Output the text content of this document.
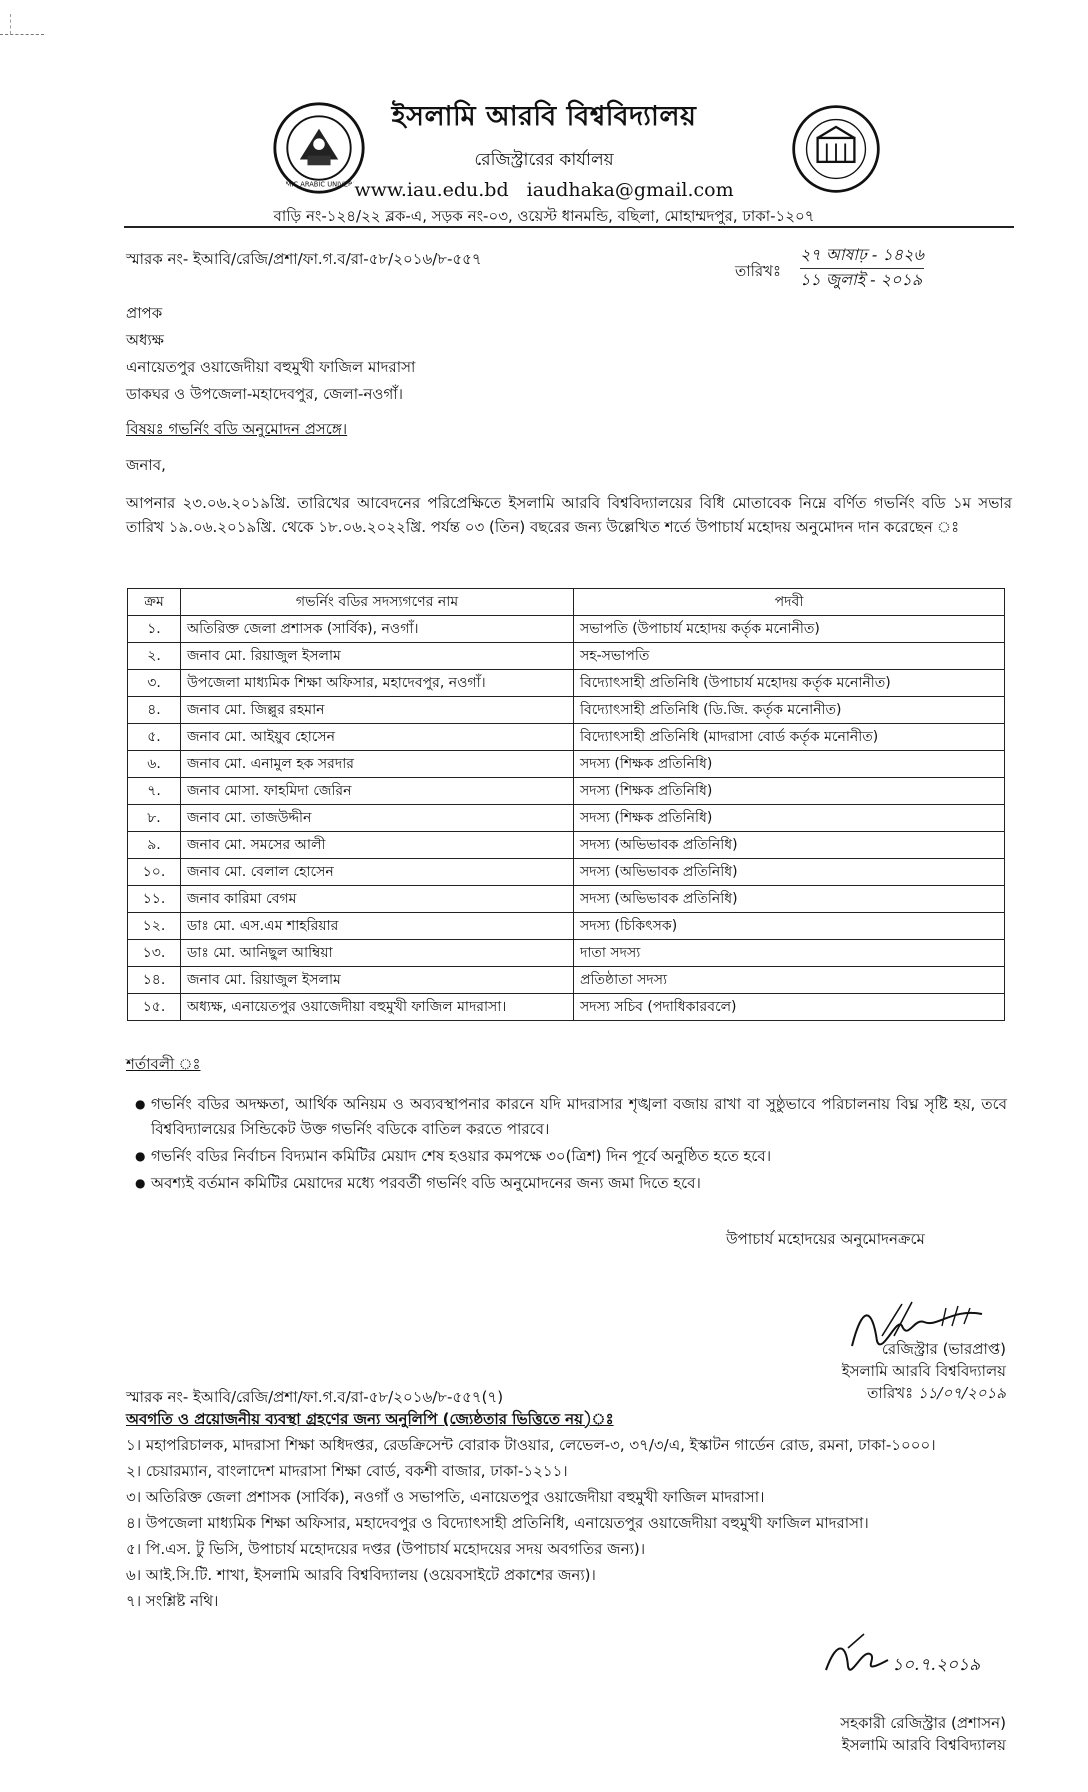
ISLAMIC ARABIC UNIVERSITY
ইসলামি আরবি বিশ্ববিদ্যালয়
রেজিস্ট্রারের কার্যালয়
www.iau.edu.bd iaudhaka@gmail.com
বাড়ি নং-১২৪/২২ ব্লক-এ, সড়ক নং-০৩, ওয়েস্ট ধানমন্ডি, বছিলা, মোহাম্মদপুর, ঢাকা-১২০৭
স্মারক নং- ইআবি/রেজি/প্রশা/ফা.গ.ব/রা-৫৮/২০১৬/৮-৫৫৭
তারিখঃ
২৭ আষাঢ় - ১৪২৬
১১ জুলাই - ২০১৯
প্রাপক
অধ্যক্ষ
এনায়েতপুর ওয়াজেদীয়া বহুমুখী ফাজিল মাদরাসা
ডাকঘর ও উপজেলা-মহাদেবপুর, জেলা-নওগাঁ।
বিষয়ঃ গভর্নিং বডি অনুমোদন প্রসঙ্গে।
জনাব,
আপনার ২৩.০৬.২০১৯খ্রি. তারিখের আবেদনের পরিপ্রেক্ষিতে ইসলামি আরবি বিশ্ববিদ্যালয়ের বিধি মোতাবেক নিম্নে বর্ণিত গভর্নিং বডি ১ম সভার তারিখ ১৯.০৬.২০১৯খ্রি. থেকে ১৮.০৬.২০২২খ্রি. পর্যন্ত ০৩ (তিন) বছরের জন্য উল্লেখিত শর্তে উপাচার্য মহোদয় অনুমোদন দান করেছেন ঃ
ক্রম	গভর্নিং বডির সদস্যগণের নাম	পদবী
১.	অতিরিক্ত জেলা প্রশাসক (সার্বিক), নওগাঁ।	সভাপতি (উপাচার্য মহোদয় কর্তৃক মনোনীত)
২.	জনাব মো. রিয়াজুল ইসলাম	সহ-সভাপতি
৩.	উপজেলা মাধ্যমিক শিক্ষা অফিসার, মহাদেবপুর, নওগাঁ।	বিদ্যোৎসাহী প্রতিনিধি (উপাচার্য মহোদয় কর্তৃক মনোনীত)
৪.	জনাব মো. জিল্লুর রহমান	বিদ্যোৎসাহী প্রতিনিধি (ডি.জি. কর্তৃক মনোনীত)
৫.	জনাব মো. আইয়ুব হোসেন	বিদ্যোৎসাহী প্রতিনিধি (মাদরাসা বোর্ড কর্তৃক মনোনীত)
৬.	জনাব মো. এনামুল হক সরদার	সদস্য (শিক্ষক প্রতিনিধি)
৭.	জনাব মোসা. ফাহমিদা জেরিন	সদস্য (শিক্ষক প্রতিনিধি)
৮.	জনাব মো. তাজউদ্দীন	সদস্য (শিক্ষক প্রতিনিধি)
৯.	জনাব মো. সমসের আলী	সদস্য (অভিভাবক প্রতিনিধি)
১০.	জনাব মো. বেলাল হোসেন	সদস্য (অভিভাবক প্রতিনিধি)
১১.	জনাব কারিমা বেগম	সদস্য (অভিভাবক প্রতিনিধি)
১২.	ডাঃ মো. এস.এম শাহরিয়ার	সদস্য (চিকিৎসক)
১৩.	ডাঃ মো. আনিছুল আম্বিয়া	দাতা সদস্য
১৪.	জনাব মো. রিয়াজুল ইসলাম	প্রতিষ্ঠাতা সদস্য
১৫.	অধ্যক্ষ, এনায়েতপুর ওয়াজেদীয়া বহুমুখী ফাজিল মাদরাসা।	সদস্য সচিব (পদাধিকারবলে)
শর্তাবলী ঃ
● গভর্নিং বডির অদক্ষতা, আর্থিক অনিয়ম ও অব্যবস্থাপনার কারনে যদি মাদরাসার শৃঙ্খলা বজায় রাখা বা সুষ্ঠুভাবে পরিচালনায় বিঘ্ন সৃষ্টি হয়, তবে বিশ্ববিদ্যালয়ের সিন্ডিকেট উক্ত গভর্নিং বডিকে বাতিল করতে পারবে।
● গভর্নিং বডির নির্বাচন বিদ্যমান কমিটির মেয়াদ শেষ হওয়ার কমপক্ষে ৩০(ত্রিশ) দিন পূর্বে অনুষ্ঠিত হতে হবে।
● অবশ্যই বর্তমান কমিটির মেয়াদের মধ্যে পরবর্তী গভর্নিং বডি অনুমোদনের জন্য জমা দিতে হবে।
উপাচার্য মহোদয়ের অনুমোদনক্রমে
রেজিস্ট্রার (ভারপ্রাপ্ত)
ইসলামি আরবি বিশ্ববিদ্যালয়
তারিখঃ ১১/০৭/২০১৯
স্মারক নং- ইআবি/রেজি/প্রশা/ফা.গ.ব/রা-৫৮/২০১৬/৮-৫৫৭(৭)
অবগতি ও প্রয়োজনীয় ব্যবস্থা গ্রহণের জন্য অনুলিপি (জ্যেষ্ঠতার ভিত্তিতে নয়)ঃ
১। মহাপরিচালক, মাদরাসা শিক্ষা অধিদপ্তর, রেডক্রিসেন্ট বোরাক টাওয়ার, লেভেল-৩, ৩৭/৩/এ, ইস্কাটন গার্ডেন রোড, রমনা, ঢাকা-১০০০।
২। চেয়ারম্যান, বাংলাদেশ মাদরাসা শিক্ষা বোর্ড, বকশী বাজার, ঢাকা-১২১১।
৩। অতিরিক্ত জেলা প্রশাসক (সার্বিক), নওগাঁ ও সভাপতি, এনায়েতপুর ওয়াজেদীয়া বহুমুখী ফাজিল মাদরাসা।
৪। উপজেলা মাধ্যমিক শিক্ষা অফিসার, মহাদেবপুর ও বিদ্যোৎসাহী প্রতিনিধি, এনায়েতপুর ওয়াজেদীয়া বহুমুখী ফাজিল মাদরাসা।
৫। পি.এস. টু ভিসি, উপাচার্য মহোদয়ের দপ্তর (উপাচার্য মহোদয়ের সদয় অবগতির জন্য)।
৬। আই.সি.টি. শাখা, ইসলামি আরবি বিশ্ববিদ্যালয় (ওয়েবসাইটে প্রকাশের জন্য)।
৭। সংশ্লিষ্ট নথি।
১০.৭.২০১৯
সহকারী রেজিস্ট্রার (প্রশাসন)
ইসলামি আরবি বিশ্ববিদ্যালয়
